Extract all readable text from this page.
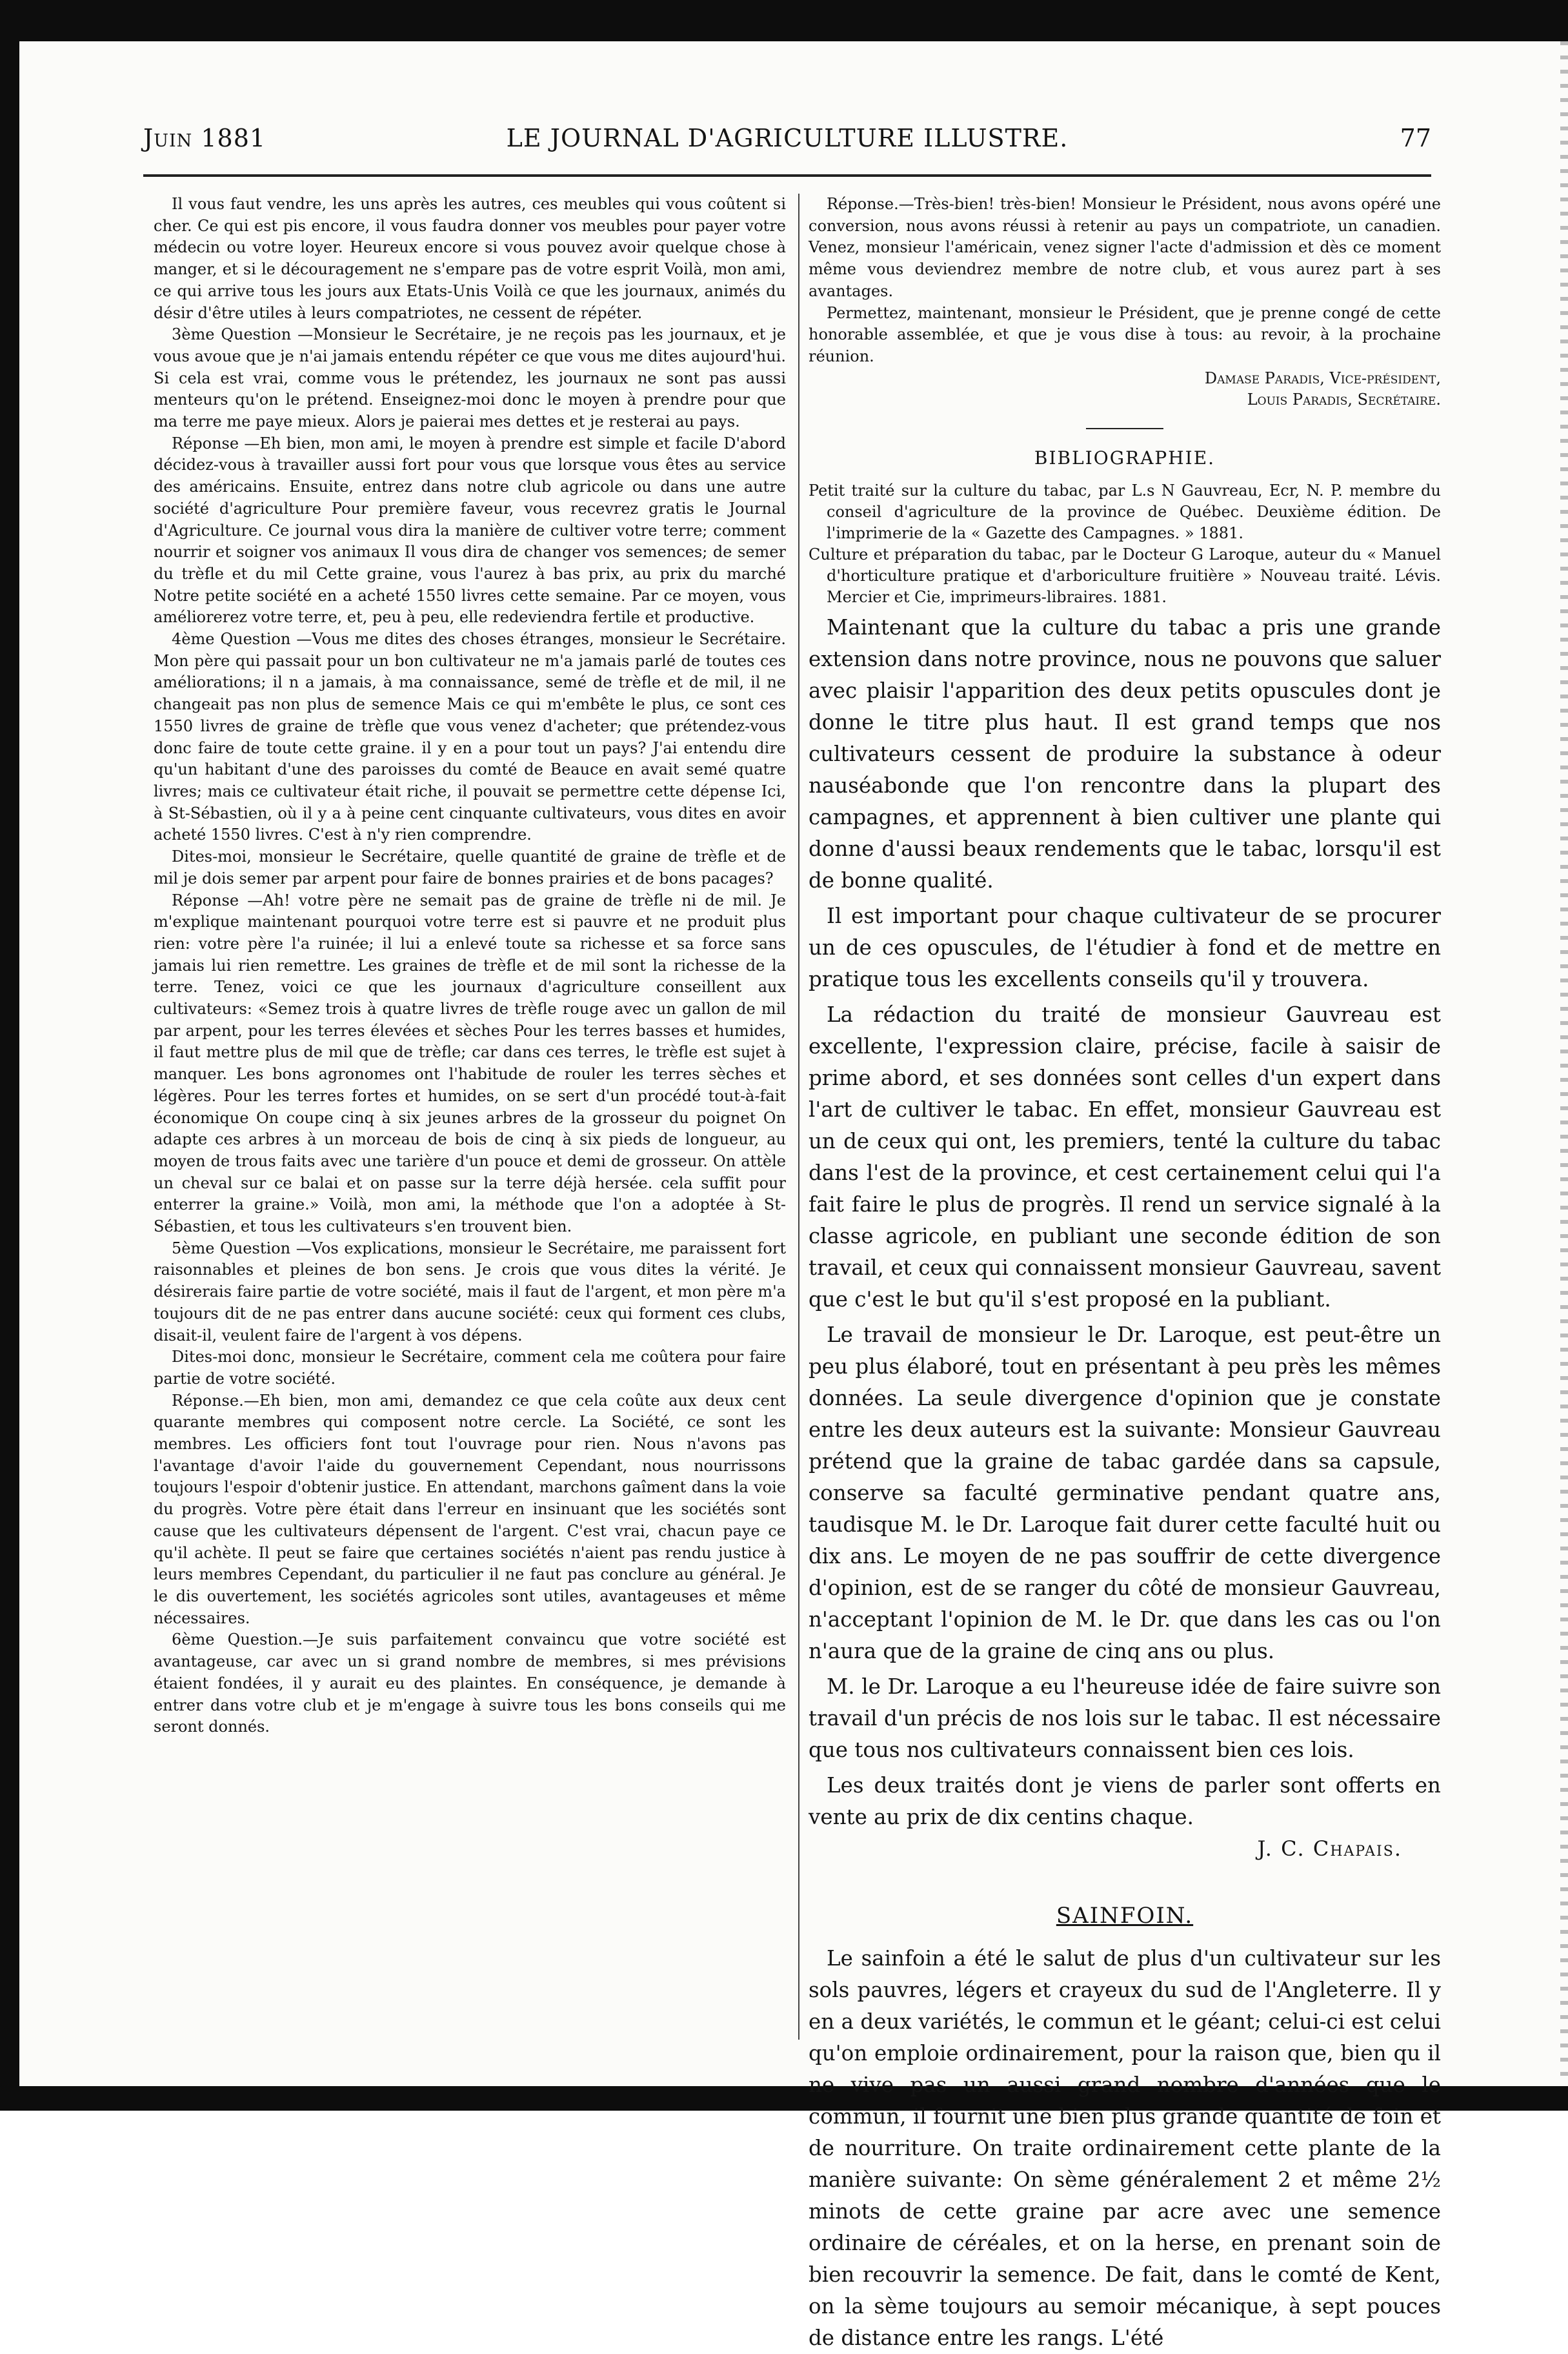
Juin 1881	LE JOURNAL D'AGRICULTURE ILLUSTRE.	77

Il vous faut vendre, les uns après les autres, ces meubles qui vous coûtent si cher. Ce qui est pis encore, il vous faudra donner vos meubles pour payer votre médecin ou votre loyer. Heureux encore si vous pouvez avoir quelque chose à manger, et si le découragement ne s'empare pas de votre esprit Voilà, mon ami, ce qui arrive tous les jours aux Etats-Unis Voilà ce que les journaux, animés du désir d'être utiles à leurs compatriotes, ne cessent de répéter.

3ème Question —Monsieur le Secrétaire, je ne reçois pas les journaux, et je vous avoue que je n'ai jamais entendu répéter ce que vous me dites aujourd'hui. Si cela est vrai, comme vous le prétendez, les journaux ne sont pas aussi menteurs qu'on le prétend. Enseignez-moi donc le moyen à prendre pour que ma terre me paye mieux. Alors je paierai mes dettes et je resterai au pays.

Réponse —Eh bien, mon ami, le moyen à prendre est simple et facile D'abord décidez-vous à travailler aussi fort pour vous que lorsque vous êtes au service des américains. Ensuite, entrez dans notre club agricole ou dans une autre société d'agriculture Pour première faveur, vous recevrez gratis le Journal d'Agriculture. Ce journal vous dira la manière de cultiver votre terre; comment nourrir et soigner vos animaux Il vous dira de changer vos semences; de semer du trèfle et du mil Cette graine, vous l'aurez à bas prix, au prix du marché Notre petite société en a acheté 1550 livres cette semaine. Par ce moyen, vous améliorerez votre terre, et, peu à peu, elle redeviendra fertile et productive.

4ème Question —Vous me dites des choses étranges, monsieur le Secrétaire. Mon père qui passait pour un bon cultivateur ne m'a jamais parlé de toutes ces améliorations; il n a jamais, à ma connaissance, semé de trèfle et de mil, il ne changeait pas non plus de semence Mais ce qui m'embête le plus, ce sont ces 1550 livres de graine de trèfle que vous venez d'acheter; que prétendez-vous donc faire de toute cette graine. il y en a pour tout un pays? J'ai entendu dire qu'un habitant d'une des paroisses du comté de Beauce en avait semé quatre livres; mais ce cultivateur était riche, il pouvait se permettre cette dépense Ici, à St-Sébastien, où il y a à peine cent cinquante cultivateurs, vous dites en avoir acheté 1550 livres. C'est à n'y rien comprendre.

Dites-moi, monsieur le Secrétaire, quelle quantité de graine de trèfle et de mil je dois semer par arpent pour faire de bonnes prairies et de bons pacages?

Réponse —Ah! votre père ne semait pas de graine de trèfle ni de mil. Je m'explique maintenant pourquoi votre terre est si pauvre et ne produit plus rien: votre père l'a ruinée; il lui a enlevé toute sa richesse et sa force sans jamais lui rien remettre. Les graines de trèfle et de mil sont la richesse de la terre. Tenez, voici ce que les journaux d'agriculture conseillent aux cultivateurs: «Semez trois à quatre livres de trèfle rouge avec un gallon de mil par arpent, pour les terres élevées et sèches Pour les terres basses et humides, il faut mettre plus de mil que de trèfle; car dans ces terres, le trèfle est sujet à manquer. Les bons agronomes ont l'habitude de rouler les terres sèches et légères. Pour les terres fortes et humides, on se sert d'un procédé tout-à-fait économique On coupe cinq à six jeunes arbres de la grosseur du poignet On adapte ces arbres à un morceau de bois de cinq à six pieds de longueur, au moyen de trous faits avec une tarière d'un pouce et demi de grosseur. On attèle un cheval sur ce balai et on passe sur la terre déjà hersée. cela suffit pour enterrer la graine.» Voilà, mon ami, la méthode que l'on a adoptée à St-Sébastien, et tous les cultivateurs s'en trouvent bien.

5ème Question —Vos explications, monsieur le Secrétaire, me paraissent fort raisonnables et pleines de bon sens. Je crois que vous dites la vérité. Je désirerais faire partie de votre société, mais il faut de l'argent, et mon père m'a toujours dit de ne pas entrer dans aucune société: ceux qui forment ces clubs, disait-il, veulent faire de l'argent à vos dépens.

Dites-moi donc, monsieur le Secrétaire, comment cela me coûtera pour faire partie de votre société.

Réponse.—Eh bien, mon ami, demandez ce que cela coûte aux deux cent quarante membres qui composent notre cercle. La Société, ce sont les membres. Les officiers font tout l'ouvrage pour rien. Nous n'avons pas l'avantage d'avoir l'aide du gouvernement Cependant, nous nourrissons toujours l'espoir d'obtenir justice. En attendant, marchons gaîment dans la voie du progrès. Votre père était dans l'erreur en insinuant que les sociétés sont cause que les cultivateurs dépensent de l'argent. C'est vrai, chacun paye ce qu'il achète. Il peut se faire que certaines sociétés n'aient pas rendu justice à leurs membres Cependant, du particulier il ne faut pas conclure au général. Je le dis ouvertement, les sociétés agricoles sont utiles, avantageuses et même nécessaires.

6ème Question.—Je suis parfaitement convaincu que votre société est avantageuse, car avec un si grand nombre de membres, si mes prévisions étaient fondées, il y aurait eu des plaintes. En conséquence, je demande à entrer dans votre club et je m'engage à suivre tous les bons conseils qui me seront donnés.

Réponse.—Très-bien! très-bien! Monsieur le Président, nous avons opéré une conversion, nous avons réussi à retenir au pays un compatriote, un canadien. Venez, monsieur l'américain, venez signer l'acte d'admission et dès ce moment même vous deviendrez membre de notre club, et vous aurez part à ses avantages.

Permettez, maintenant, monsieur le Président, que je prenne congé de cette honorable assemblée, et que je vous dise à tous: au revoir, à la prochaine réunion.

Damase Paradis, Vice-président,
Louis Paradis, Secrétaire.
BIBLIOGRAPHIE.

Petit traité sur la culture du tabac, par L.s N Gauvreau, Ecr, N. P. membre du conseil d'agriculture de la province de Québec. Deuxième édition. De l'imprimerie de la « Gazette des Campagnes. » 1881.

Culture et préparation du tabac, par le Docteur G Laroque, auteur du « Manuel d'horticulture pratique et d'arboriculture fruitière » Nouveau traité. Lévis. Mercier et Cie, imprimeurs-libraires. 1881.

Maintenant que la culture du tabac a pris une grande extension dans notre province, nous ne pouvons que saluer avec plaisir l'apparition des deux petits opuscules dont je donne le titre plus haut. Il est grand temps que nos cultivateurs cessent de produire la substance à odeur nauséabonde que l'on rencontre dans la plupart des campagnes, et apprennent à bien cultiver une plante qui donne d'aussi beaux rendements que le tabac, lorsqu'il est de bonne qualité.

Il est important pour chaque cultivateur de se procurer un de ces opuscules, de l'étudier à fond et de mettre en pratique tous les excellents conseils qu'il y trouvera.

La rédaction du traité de monsieur Gauvreau est excellente, l'expression claire, précise, facile à saisir de prime abord, et ses données sont celles d'un expert dans l'art de cultiver le tabac. En effet, monsieur Gauvreau est un de ceux qui ont, les premiers, tenté la culture du tabac dans l'est de la province, et cest certainement celui qui l'a fait faire le plus de progrès. Il rend un service signalé à la classe agricole, en publiant une seconde édition de son travail, et ceux qui connaissent monsieur Gauvreau, savent que c'est le but qu'il s'est proposé en la publiant.

Le travail de monsieur le Dr. Laroque, est peut-être un peu plus élaboré, tout en présentant à peu près les mêmes données. La seule divergence d'opinion que je constate entre les deux auteurs est la suivante: Monsieur Gauvreau prétend que la graine de tabac gardée dans sa capsule, conserve sa faculté germinative pendant quatre ans, taudisque M. le Dr. Laroque fait durer cette faculté huit ou dix ans. Le moyen de ne pas souffrir de cette divergence d'opinion, est de se ranger du côté de monsieur Gauvreau, n'acceptant l'opinion de M. le Dr. que dans les cas ou l'on n'aura que de la graine de cinq ans ou plus.

M. le Dr. Laroque a eu l'heureuse idée de faire suivre son travail d'un précis de nos lois sur le tabac. Il est nécessaire que tous nos cultivateurs connaissent bien ces lois.

Les deux traités dont je viens de parler sont offerts en vente au prix de dix centins chaque.

J. C. Chapais.
SAINFOIN.

Le sainfoin a été le salut de plus d'un cultivateur sur les sols pauvres, légers et crayeux du sud de l'Angleterre. Il y en a deux variétés, le commun et le géant; celui-ci est celui qu'on emploie ordinairement, pour la raison que, bien qu il ne vive pas un aussi grand nombre d'années que le commun, il fournit une bien plus grande quantité de foin et de nourriture. On traite ordinairement cette plante de la manière suivante: On sème généralement 2 et même 2½ minots de cette graine par acre avec une semence ordinaire de céréales, et on la herse, en prenant soin de bien recouvrir la semence. De fait, dans le comté de Kent, on la sème toujours au semoir mécanique, à sept pouces de distance entre les rangs. L'été
